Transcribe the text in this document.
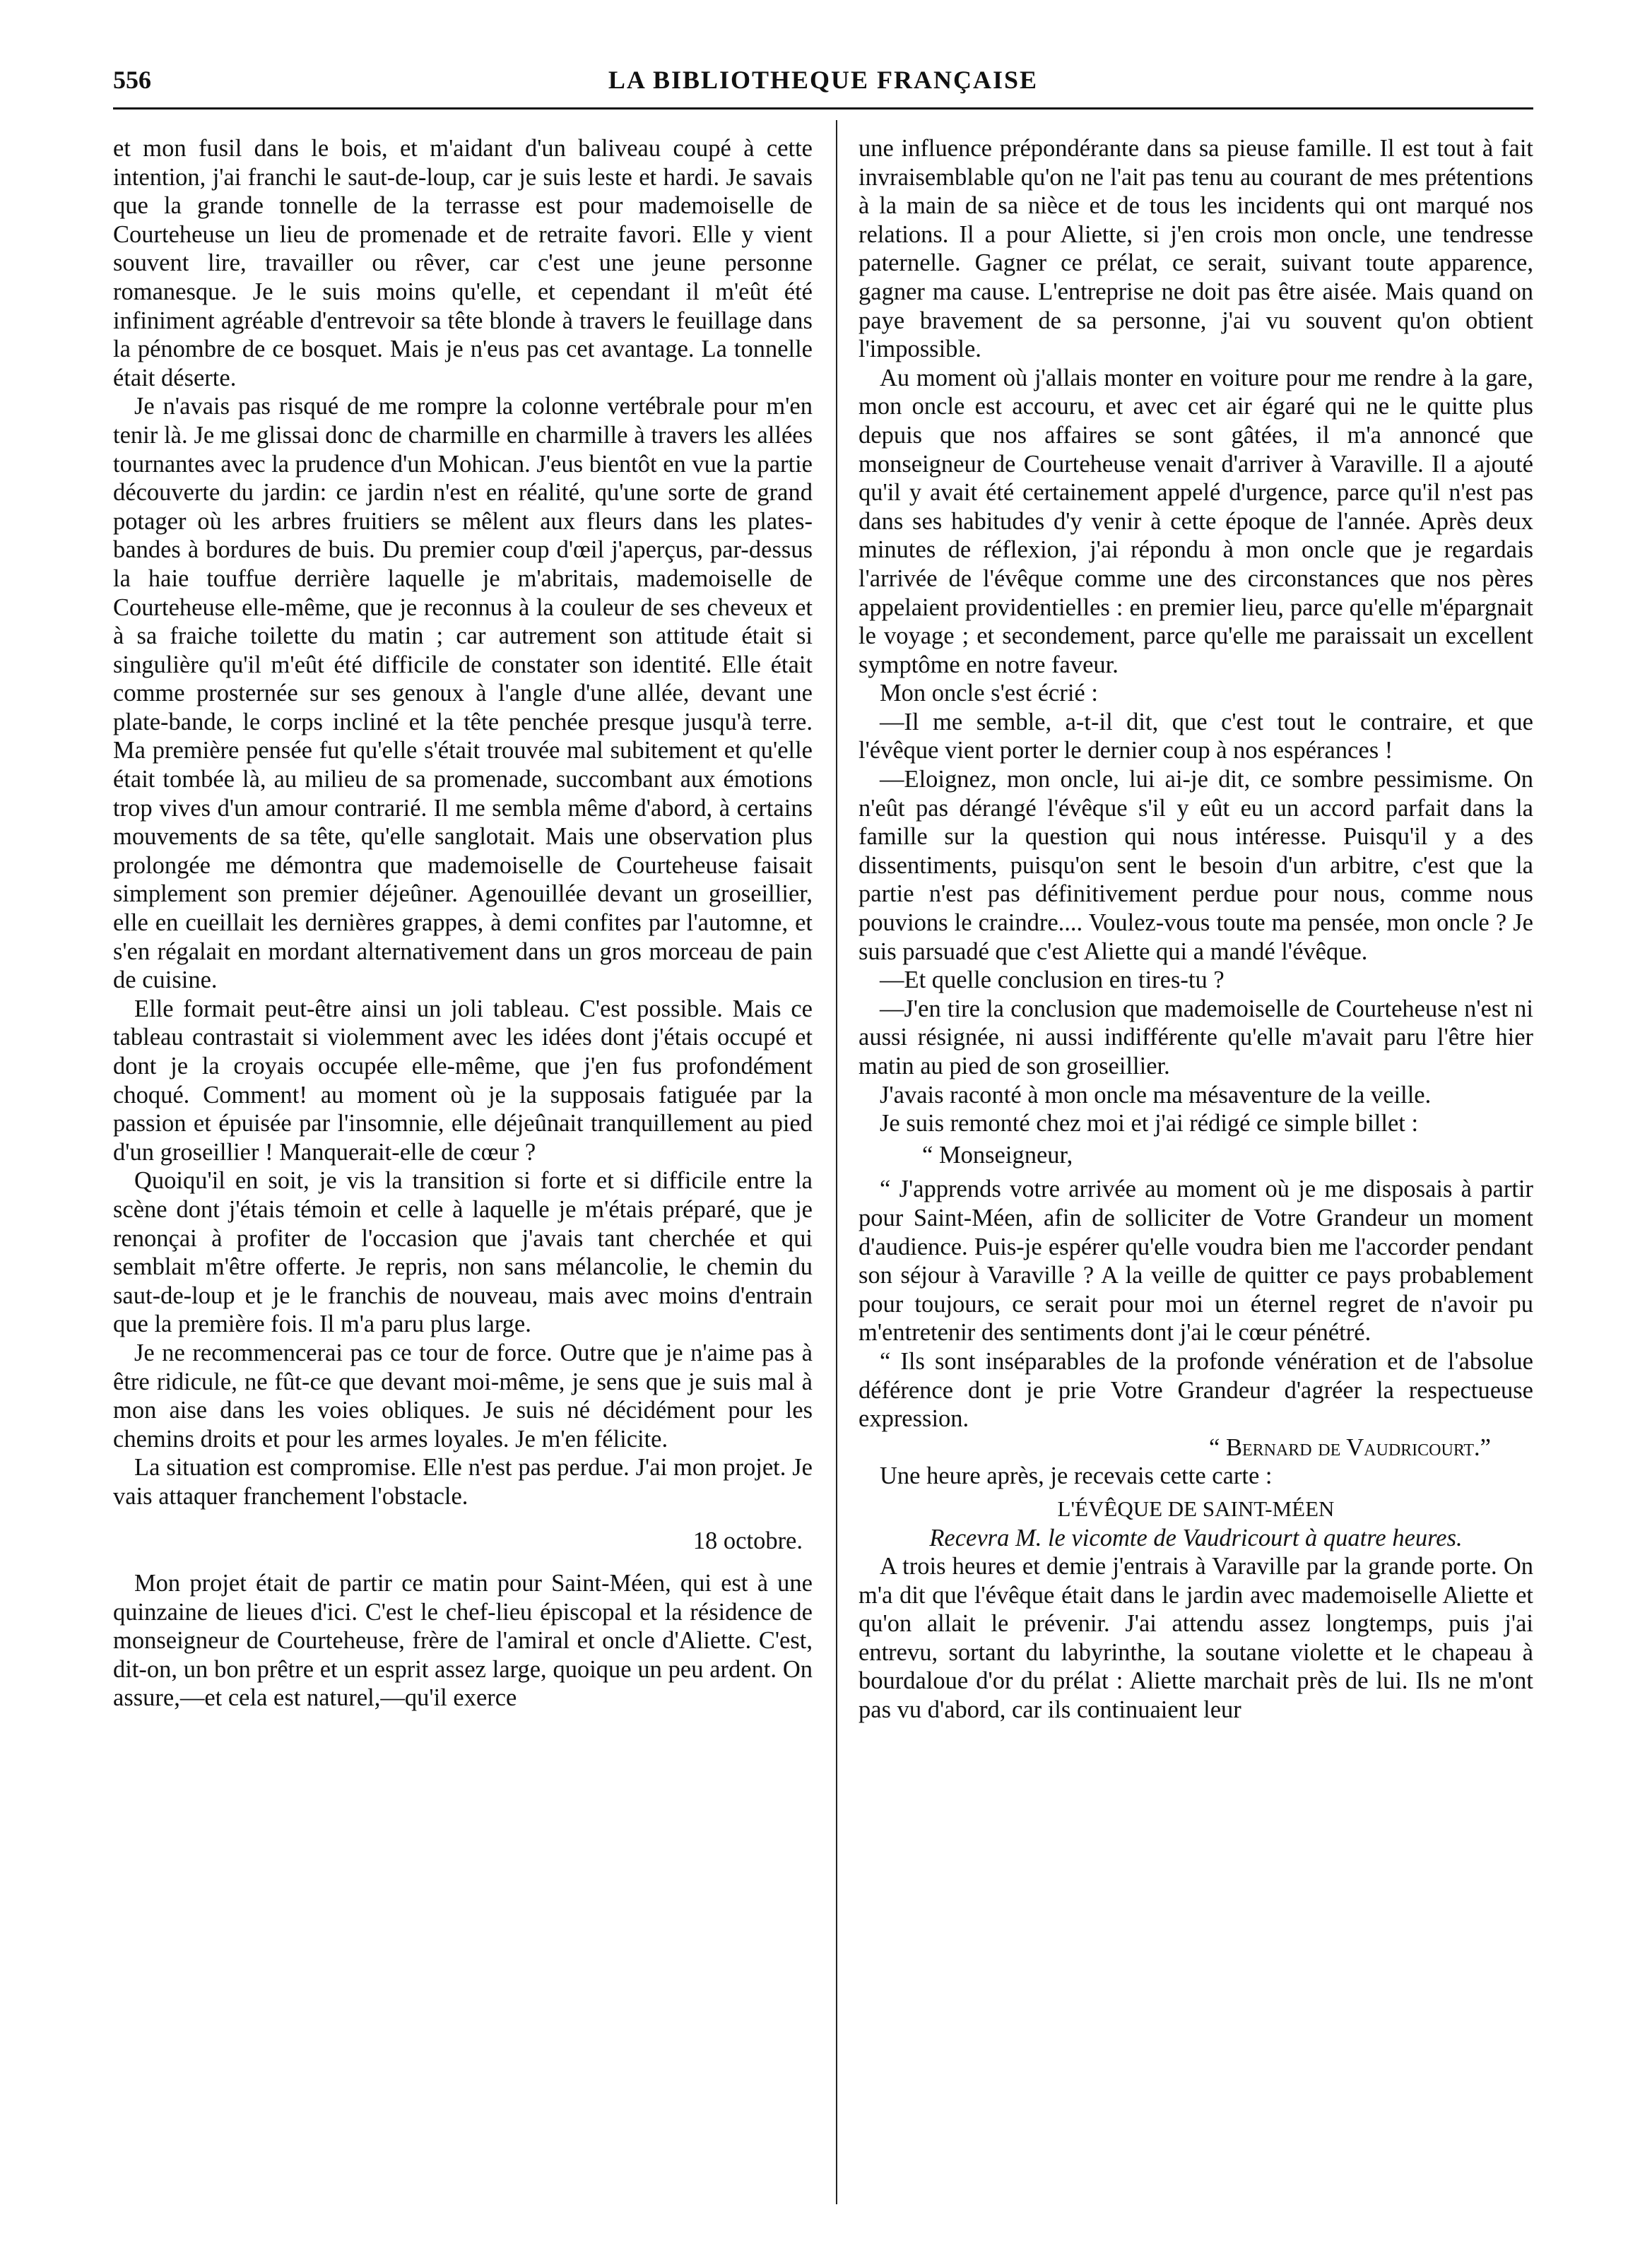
556	LA BIBLIOTHEQUE FRANÇAISE

et mon fusil dans le bois, et m'aidant d'un baliveau coupé à cette intention, j'ai franchi le saut-de-loup, car je suis leste et hardi. Je savais que la grande tonnelle de la terrasse est pour mademoiselle de Courteheuse un lieu de promenade et de retraite favori. Elle y vient souvent lire, travailler ou rêver, car c'est une jeune personne romanesque. Je le suis moins qu'elle, et cependant il m'eût été infiniment agréable d'entrevoir sa tête blonde à travers le feuillage dans la pénombre de ce bosquet. Mais je n'eus pas cet avantage. La tonnelle était déserte.

Je n'avais pas risqué de me rompre la colonne vertébrale pour m'en tenir là. Je me glissai donc de charmille en charmille à travers les allées tournantes avec la prudence d'un Mohican. J'eus bientôt en vue la partie découverte du jardin: ce jardin n'est en réalité, qu'une sorte de grand potager où les arbres fruitiers se mêlent aux fleurs dans les plates-bandes à bordures de buis. Du premier coup d'œil j'aperçus, par-dessus la haie touffue derrière laquelle je m'abritais, mademoiselle de Courteheuse elle-même, que je reconnus à la couleur de ses cheveux et à sa fraiche toilette du matin ; car autrement son attitude était si singulière qu'il m'eût été difficile de constater son identité. Elle était comme prosternée sur ses genoux à l'angle d'une allée, devant une plate-bande, le corps incliné et la tête penchée presque jusqu'à terre. Ma première pensée fut qu'elle s'était trouvée mal subitement et qu'elle était tombée là, au milieu de sa promenade, succombant aux émotions trop vives d'un amour contrarié. Il me sembla même d'abord, à certains mouvements de sa tête, qu'elle sanglotait. Mais une observation plus prolongée me démontra que mademoiselle de Courteheuse faisait simplement son premier déjeûner. Agenouillée devant un groseillier, elle en cueillait les dernières grappes, à demi confites par l'automne, et s'en régalait en mordant alternativement dans un gros morceau de pain de cuisine.

Elle formait peut-être ainsi un joli tableau. C'est possible. Mais ce tableau contrastait si violemment avec les idées dont j'étais occupé et dont je la croyais occupée elle-même, que j'en fus profondément choqué. Comment! au moment où je la supposais fatiguée par la passion et épuisée par l'insomnie, elle déjeûnait tranquillement au pied d'un groseillier ! Manquerait-elle de cœur ?

Quoiqu'il en soit, je vis la transition si forte et si difficile entre la scène dont j'étais témoin et celle à laquelle je m'étais préparé, que je renonçai à profiter de l'occasion que j'avais tant cherchée et qui semblait m'être offerte. Je repris, non sans mélancolie, le chemin du saut-de-loup et je le franchis de nouveau, mais avec moins d'entrain que la première fois. Il m'a paru plus large.

Je ne recommencerai pas ce tour de force. Outre que je n'aime pas à être ridicule, ne fût-ce que devant moi-même, je sens que je suis mal à mon aise dans les voies obliques. Je suis né décidément pour les chemins droits et pour les armes loyales. Je m'en félicite.

La situation est compromise. Elle n'est pas perdue. J'ai mon projet. Je vais attaquer franchement l'obstacle.

18 octobre.

Mon projet était de partir ce matin pour Saint-Méen, qui est à une quinzaine de lieues d'ici. C'est le chef-lieu épiscopal et la résidence de monseigneur de Courteheuse, frère de l'amiral et oncle d'Aliette. C'est, dit-on, un bon prêtre et un esprit assez large, quoique un peu ardent. On assure,—et cela est naturel,—qu'il exerce

une influence prépondérante dans sa pieuse famille. Il est tout à fait invraisemblable qu'on ne l'ait pas tenu au courant de mes prétentions à la main de sa nièce et de tous les incidents qui ont marqué nos relations. Il a pour Aliette, si j'en crois mon oncle, une tendresse paternelle. Gagner ce prélat, ce serait, suivant toute apparence, gagner ma cause. L'entreprise ne doit pas être aisée. Mais quand on paye bravement de sa personne, j'ai vu souvent qu'on obtient l'impossible.

Au moment où j'allais monter en voiture pour me rendre à la gare, mon oncle est accouru, et avec cet air égaré qui ne le quitte plus depuis que nos affaires se sont gâtées, il m'a annoncé que monseigneur de Courteheuse venait d'arriver à Varaville. Il a ajouté qu'il y avait été certainement appelé d'urgence, parce qu'il n'est pas dans ses habitudes d'y venir à cette époque de l'année. Après deux minutes de réflexion, j'ai répondu à mon oncle que je regardais l'arrivée de l'évêque comme une des circonstances que nos pères appelaient providentielles : en premier lieu, parce qu'elle m'épargnait le voyage ; et secondement, parce qu'elle me paraissait un excellent symptôme en notre faveur.

Mon oncle s'est écrié :

—Il me semble, a-t-il dit, que c'est tout le contraire, et que l'évêque vient porter le dernier coup à nos espérances !

—Eloignez, mon oncle, lui ai-je dit, ce sombre pessimisme. On n'eût pas dérangé l'évêque s'il y eût eu un accord parfait dans la famille sur la question qui nous intéresse. Puisqu'il y a des dissentiments, puisqu'on sent le besoin d'un arbitre, c'est que la partie n'est pas définitivement perdue pour nous, comme nous pouvions le craindre.... Voulez-vous toute ma pensée, mon oncle ? Je suis parsuadé que c'est Aliette qui a mandé l'évêque.

—Et quelle conclusion en tires-tu ?

—J'en tire la conclusion que mademoiselle de Courteheuse n'est ni aussi résignée, ni aussi indifférente qu'elle m'avait paru l'être hier matin au pied de son groseillier.

J'avais raconté à mon oncle ma mésaventure de la veille.

Je suis remonté chez moi et j'ai rédigé ce simple billet :

“ Monseigneur,

“ J'apprends votre arrivée au moment où je me disposais à partir pour Saint-Méen, afin de solliciter de Votre Grandeur un moment d'audience. Puis-je espérer qu'elle voudra bien me l'accorder pendant son séjour à Varaville ? A la veille de quitter ce pays probablement pour toujours, ce serait pour moi un éternel regret de n'avoir pu m'entretenir des sentiments dont j'ai le cœur pénétré.

“ Ils sont inséparables de la profonde vénération et de l'absolue déférence dont je prie Votre Grandeur d'agréer la respectueuse expression.

“ Bernard de Vaudricourt.”

Une heure après, je recevais cette carte :

L'ÉVÊQUE DE SAINT-MÉEN

Recevra M. le vicomte de Vaudricourt à quatre heures.

A trois heures et demie j'entrais à Varaville par la grande porte. On m'a dit que l'évêque était dans le jardin avec mademoiselle Aliette et qu'on allait le prévenir. J'ai attendu assez longtemps, puis j'ai entrevu, sortant du labyrinthe, la soutane violette et le chapeau à bourdaloue d'or du prélat : Aliette marchait près de lui. Ils ne m'ont pas vu d'abord, car ils continuaient leur
